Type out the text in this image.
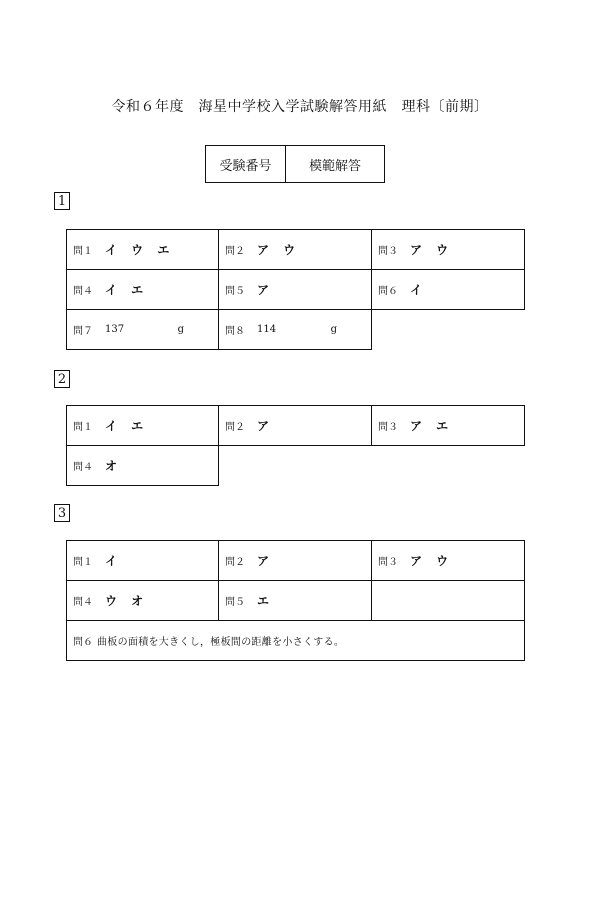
令和６年度　海星中学校入学試験解答用紙　理科〔前期〕
受験番号	模範解答
1
問１ イ ウ エ	問２ ア ウ	問３ ア ウ
問４ イ エ	問５ ア	問６ イ
問７ 137	g	問８ 114	g
2
問１ イ エ	問２ ア	問３ ア エ
問４ オ
3
問１ イ	問２ ア	問３ ア ウ
問４ ウ オ	問５ エ
問６ 曲板の面積を大きくし，極板間の距離を小さくする。
